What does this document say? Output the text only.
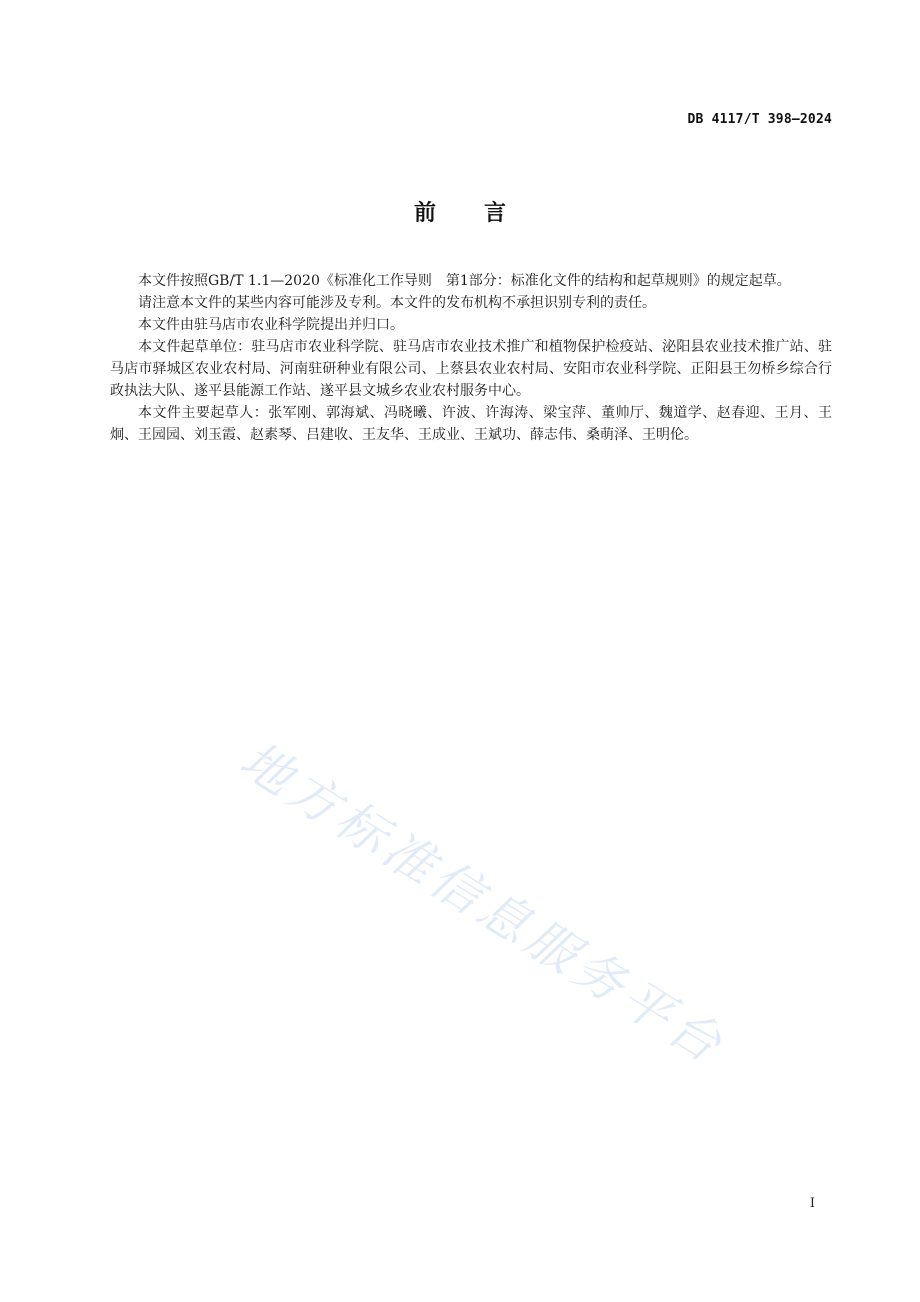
DB 4117/T 398—2024
前言

本文件按照GB/T 1.1—2020《标准化工作导则　第1部分：标准化文件的结构和起草规则》的规定起草。

请注意本文件的某些内容可能涉及专利。本文件的发布机构不承担识别专利的责任。

本文件由驻马店市农业科学院提出并归口。

本文件起草单位：驻马店市农业科学院、驻马店市农业技术推广和植物保护检疫站、泌阳县农业技术推广站、驻马店市驿城区农业农村局、河南驻研种业有限公司、上蔡县农业农村局、安阳市农业科学院、正阳县王勿桥乡综合行政执法大队、遂平县能源工作站、遂平县文城乡农业农村服务中心。

本文件主要起草人：张军刚、郭海斌、冯晓曦、许波、许海涛、梁宝萍、董帅厅、魏道学、赵春迎、王月、王炯、王园园、刘玉霞、赵素琴、吕建收、王友华、王成业、王斌功、薛志伟、桑萌泽、王明伦。

地方标准信息服务平台
I
